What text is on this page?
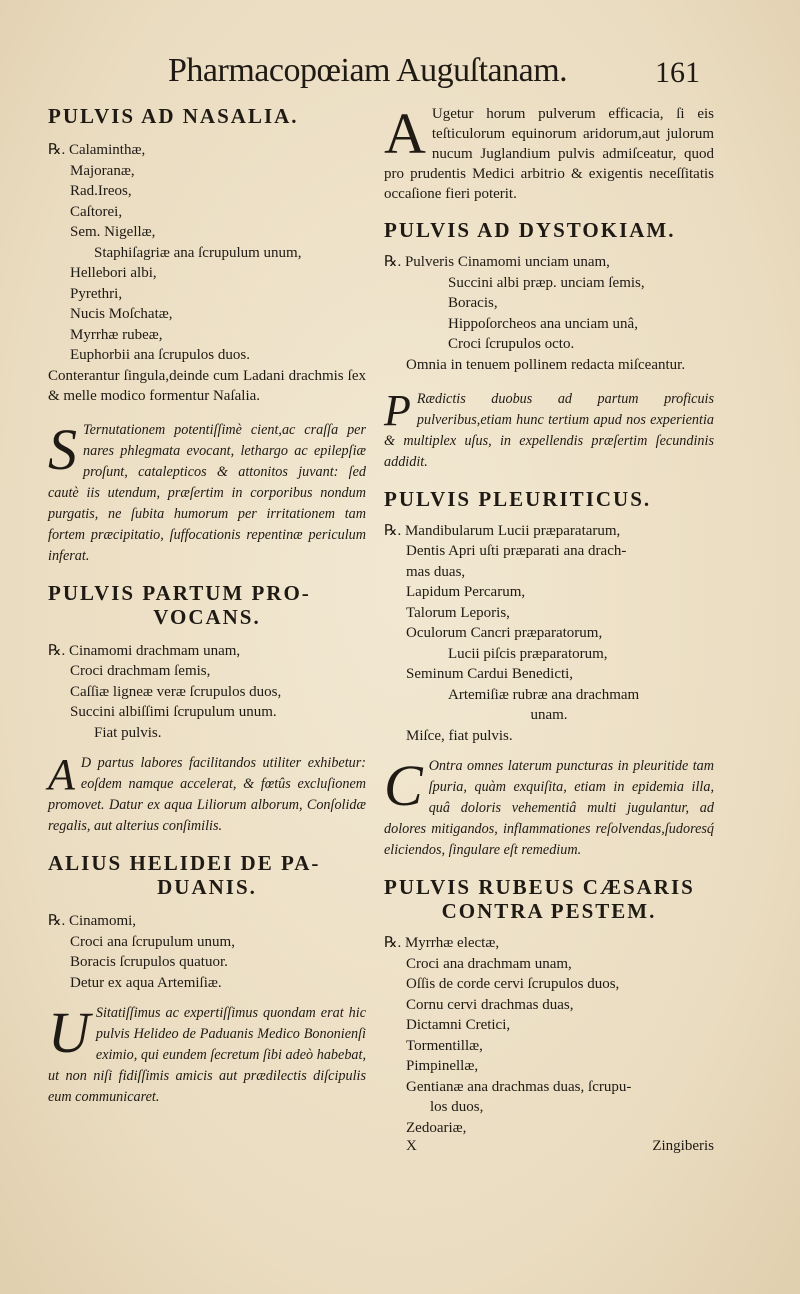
Pharmacopœiam Auguſtanam.	161
PULVIS AD NASALIA.
℞. Calaminthæ,
Majoranæ,
Rad.Ireos,
Caſtorei,
Sem. Nigellæ,
Staphiſagriæ ana ſcrupulum unum,
Hellebori albi,
Pyrethri,
Nucis Moſchatæ,
Myrrhæ rubeæ,
Euphorbii ana ſcrupulos duos.

Conterantur ſingula,deinde cum Ladani drachmis ſex & melle modico formentur Naſalia.

S Ternutationem potentiſſimè cient,ac craſſa per nares phlegmata evocant, lethargo ac epilepſiæ proſunt, catalepticos & attonitos juvant: ſed cautè iis utendum, præſertim in corporibus nondum purgatis, ne ſubita humorum per irritationem tam fortem præcipitatio, ſuffocationis repentinæ periculum inferat.

PULVIS PARTUM PRO-
VOCANS.
℞. Cinamomi drachmam unam,
Croci drachmam ſemis,
Caſſiæ ligneæ veræ ſcrupulos duos,
Succini albiſſimi ſcrupulum unum.
Fiat pulvis.

A D partus labores facilitandos utiliter exhibetur: eoſdem namque accelerat, & fœtûs excluſionem promovet. Datur ex aqua Liliorum alborum, Conſolidæ regalis, aut alterius conſimilis.

ALIUS HELIDEI DE PA-
DUANIS.
℞. Cinamomi,
Croci ana ſcrupulum unum,
Boracis ſcrupulos quatuor.
Detur ex aqua Artemiſiæ.

U Sitatiſſimus ac expertiſſimus quondam erat hic pulvis Helideo de Paduanis Medico Bononienſi eximio, qui eundem ſecretum ſibi adeò habebat, ut non niſi fidiſſimis amicis aut prædilectis diſcipulis eum communicaret.

A Ugetur horum pulverum efficacia, ſi eis teſticulorum equinorum aridorum,aut julorum nucum Juglandium pulvis admiſceatur, quod pro prudentis Medici arbitrio & exigentis neceſſitatis occaſione fieri poterit.

PULVIS AD DYSTOKIAM.
℞. Pulveris Cinamomi unciam unam,
Succini albi præp. unciam ſemis,
Boracis,
Hippoſorcheos ana unciam unâ,
Croci ſcrupulos octo.

Omnia in tenuem pollinem redacta miſceantur.

P Rædictis duobus ad partum proficuis pulveribus,etiam hunc tertium apud nos experientia & multiplex uſus, in expellendis præſertim ſecundinis addidit.

PULVIS PLEURITICUS.
℞. Mandibularum Lucii præparatarum,
Dentis Apri uſti præparati ana drach-
mas duas,
Lapidum Percarum,
Talorum Leporis,
Oculorum Cancri præparatorum,
Lucii piſcis præparatorum,
Seminum Cardui Benedicti,
Artemiſiæ rubræ ana drachmam
unam.
Miſce, fiat pulvis.

C Ontra omnes laterum puncturas in pleuritide tam ſpuria, quàm exquiſita, etiam in epidemia illa, quâ doloris vehementiâ multi jugulantur, ad dolores mitigandos, inflammationes reſolvendas,ſudoresq́ eliciendos, ſingulare eſt remedium.

PULVIS RUBEUS CÆSARIS
CONTRA PESTEM.
℞. Myrrhæ electæ,
Croci ana drachmam unam,
Oſſis de corde cervi ſcrupulos duos,
Cornu cervi drachmas duas,
Dictamni Cretici,
Tormentillæ,
Pimpinellæ,
Gentianæ ana drachmas duas, ſcrupu-
los duos,
Zedoariæ,
X	Zingiberis
